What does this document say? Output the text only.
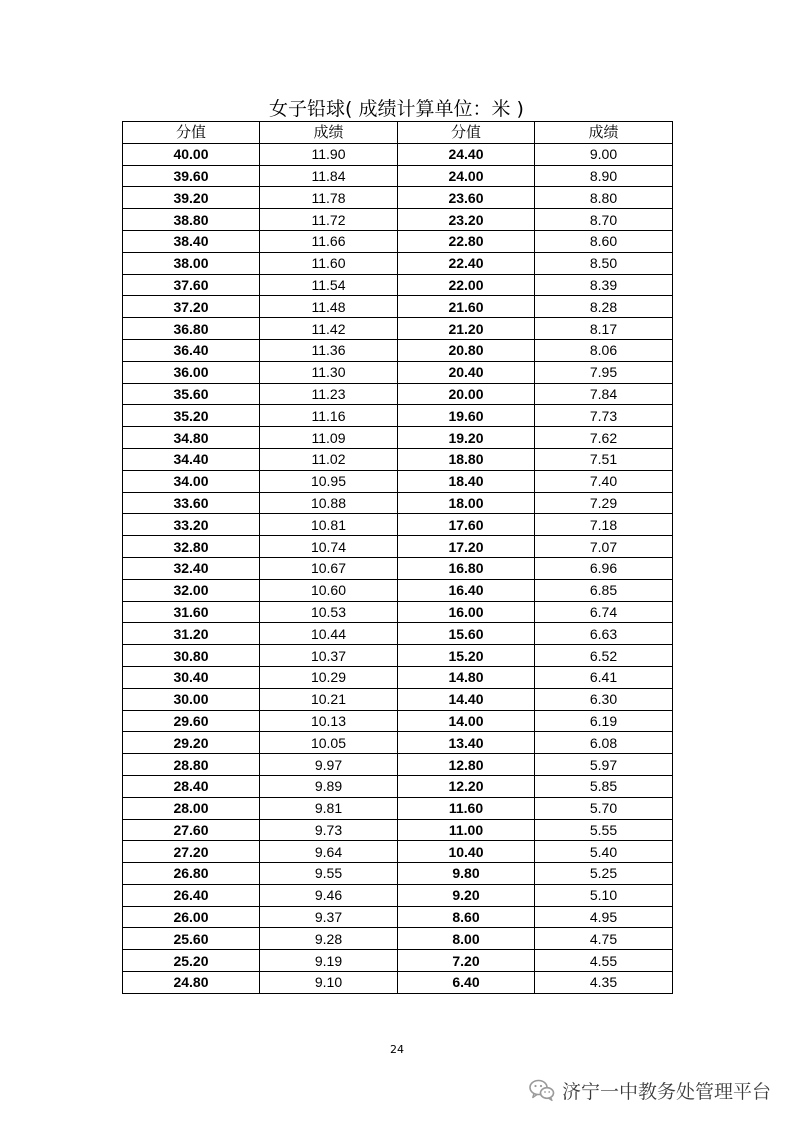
女子铅球( 成绩计算单位：米 )
分值	成绩	分值	成绩
40.00	11.90	24.40	9.00
39.60	11.84	24.00	8.90
39.20	11.78	23.60	8.80
38.80	11.72	23.20	8.70
38.40	11.66	22.80	8.60
38.00	11.60	22.40	8.50
37.60	11.54	22.00	8.39
37.20	11.48	21.60	8.28
36.80	11.42	21.20	8.17
36.40	11.36	20.80	8.06
36.00	11.30	20.40	7.95
35.60	11.23	20.00	7.84
35.20	11.16	19.60	7.73
34.80	11.09	19.20	7.62
34.40	11.02	18.80	7.51
34.00	10.95	18.40	7.40
33.60	10.88	18.00	7.29
33.20	10.81	17.60	7.18
32.80	10.74	17.20	7.07
32.40	10.67	16.80	6.96
32.00	10.60	16.40	6.85
31.60	10.53	16.00	6.74
31.20	10.44	15.60	6.63
30.80	10.37	15.20	6.52
30.40	10.29	14.80	6.41
30.00	10.21	14.40	6.30
29.60	10.13	14.00	6.19
29.20	10.05	13.40	6.08
28.80	9.97	12.80	5.97
28.40	9.89	12.20	5.85
28.00	9.81	11.60	5.70
27.60	9.73	11.00	5.55
27.20	9.64	10.40	5.40
26.80	9.55	9.80	5.25
26.40	9.46	9.20	5.10
26.00	9.37	8.60	4.95
25.60	9.28	8.00	4.75
25.20	9.19	7.20	4.55
24.80	9.10	6.40	4.35
24
济宁一中教务处管理平台
